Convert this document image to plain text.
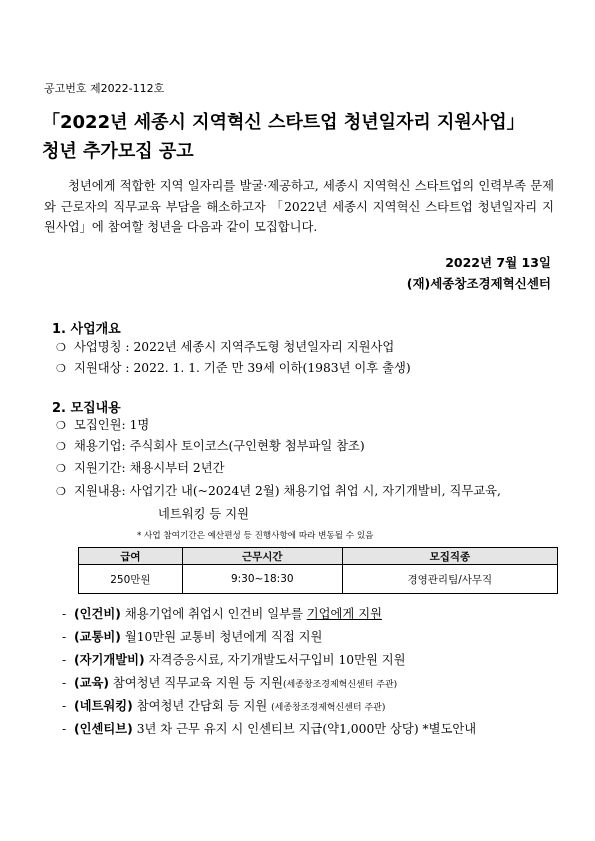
공고번호 제2022-112호
「2022년 세종시 지역혁신 스타트업 청년일자리 지원사업」
청년 추가모집 공고

청년에게 적합한 지역 일자리를 발굴·제공하고, 세종시 지역혁신 스타트업의 인력부족 문제와 근로자의 직무교육 부담을 해소하고자 「2022년 세종시 지역혁신 스타트업 청년일자리 지원사업」에 참여할 청년을 다음과 같이 모집합니다.

2022년 7월 13일
(재)세종창조경제혁신센터
1. 사업개요
❍ 사업명칭 : 2022년 세종시 지역주도형 청년일자리 지원사업
❍ 지원대상 : 2022. 1. 1. 기준 만 39세 이하(1983년 이후 출생)
2. 모집내용
❍ 모집인원: 1명
❍ 채용기업: 주식회사 토이코스(구인현황 첨부파일 참조)
❍ 지원기간: 채용시부터 2년간
❍ 지원내용: 사업기간 내(~2024년 2월) 채용기업 취업 시, 자기개발비, 직무교육,
네트워킹 등 지원
* 사업 참여기간은 예산편성 등 진행사항에 따라 변동될 수 있음
급여	근무시간	모집직종
250만원	9:30~18:30	경영관리팀/사무직
- (인건비) 채용기업에 취업시 인건비 일부를 기업에게 지원
- (교통비) 월10만원 교통비 청년에게 직접 지원
- (자기개발비) 자격증응시료, 자기개발도서구입비 10만원 지원
- (교육) 참여청년 직무교육 지원 등 지원(세종창조경제혁신센터 주관)
- (네트워킹) 참여청년 간담회 등 지원 (세종창조경제혁신센터 주관)
- (인센티브) 3년 차 근무 유지 시 인센티브 지급(약1,000만 상당) *별도안내
